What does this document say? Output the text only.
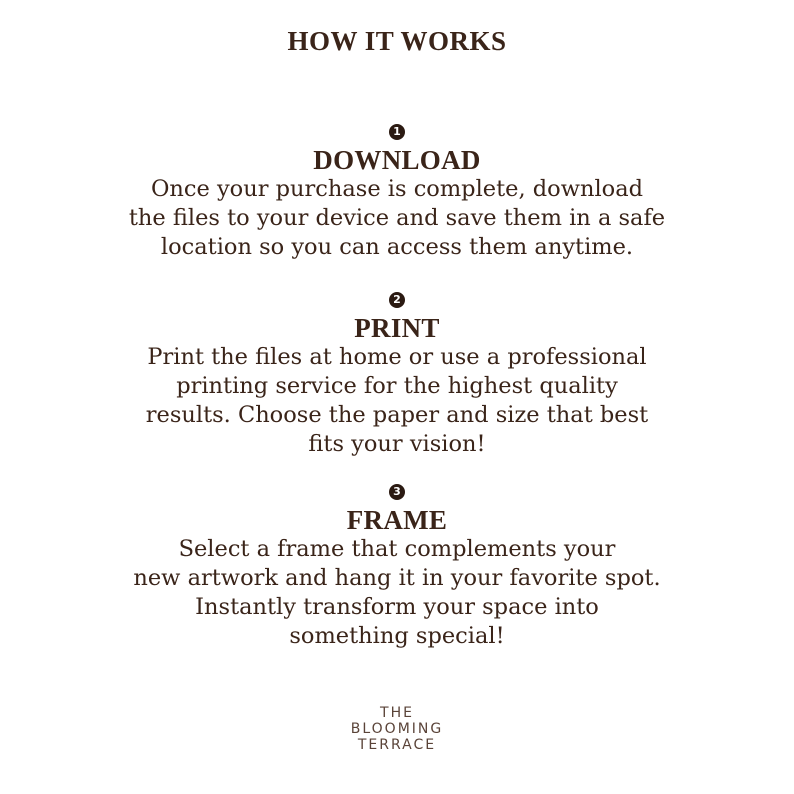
HOW IT WORKS
1
DOWNLOAD
Once your purchase is complete, download
the files to your device and save them in a safe
location so you can access them anytime.
2
PRINT
Print the files at home or use a professional
printing service for the highest quality
results. Choose the paper and size that best
fits your vision!
3
FRAME
Select a frame that complements your
new artwork and hang it in your favorite spot.
Instantly transform your space into
something special!
THE
BLOOMING
TERRACE
